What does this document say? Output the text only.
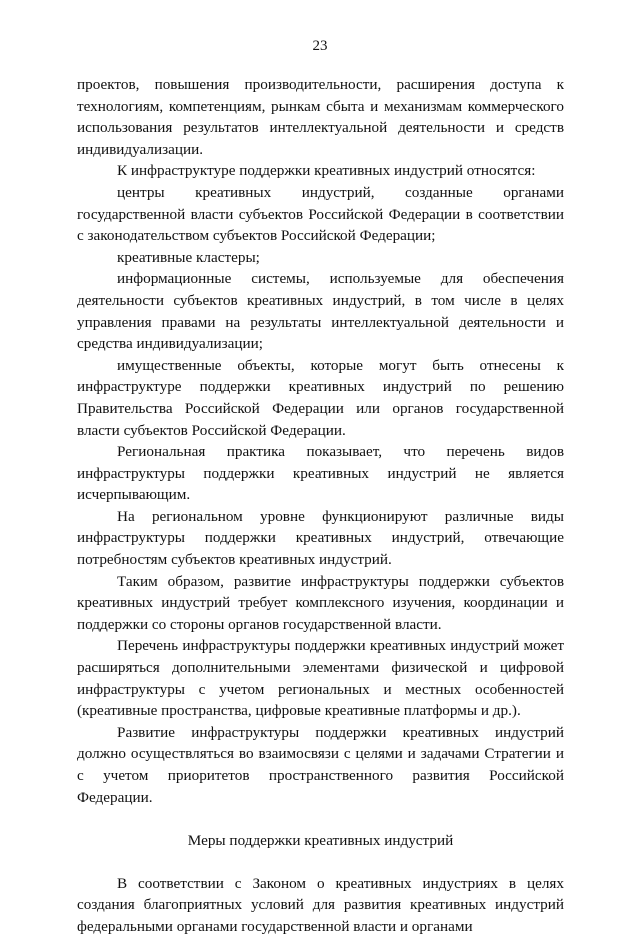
23

проектов, повышения производительности, расширения доступа к технологиям, компетенциям, рынкам сбыта и механизмам коммерческого использования результатов интеллектуальной деятельности и средств индивидуализации.

К инфраструктуре поддержки креативных индустрий относятся:

центры креативных индустрий, созданные органами государственной власти субъектов Российской Федерации в соответствии с законодательством субъектов Российской Федерации;

креативные кластеры;

информационные системы, используемые для обеспечения деятельности субъектов креативных индустрий, в том числе в целях управления правами на результаты интеллектуальной деятельности и средства индивидуализации;

имущественные объекты, которые могут быть отнесены к инфраструктуре поддержки креативных индустрий по решению Правительства Российской Федерации или органов государственной власти субъектов Российской Федерации.

Региональная практика показывает, что перечень видов инфраструктуры поддержки креативных индустрий не является исчерпывающим.

На региональном уровне функционируют различные виды инфраструктуры поддержки креативных индустрий, отвечающие потребностям субъектов креативных индустрий.

Таким образом, развитие инфраструктуры поддержки субъектов креативных индустрий требует комплексного изучения, координации и поддержки со стороны органов государственной власти.

Перечень инфраструктуры поддержки креативных индустрий может расширяться дополнительными элементами физической и цифровой инфраструктуры с учетом региональных и местных особенностей (креативные пространства, цифровые креативные платформы и др.).

Развитие инфраструктуры поддержки креативных индустрий должно осуществляться во взаимосвязи с целями и задачами Стратегии и с учетом приоритетов пространственного развития Российской Федерации.

Меры поддержки креативных индустрий

В соответствии с Законом о креативных индустриях в целях создания благоприятных условий для развития креативных индустрий федеральными органами государственной власти и органами
